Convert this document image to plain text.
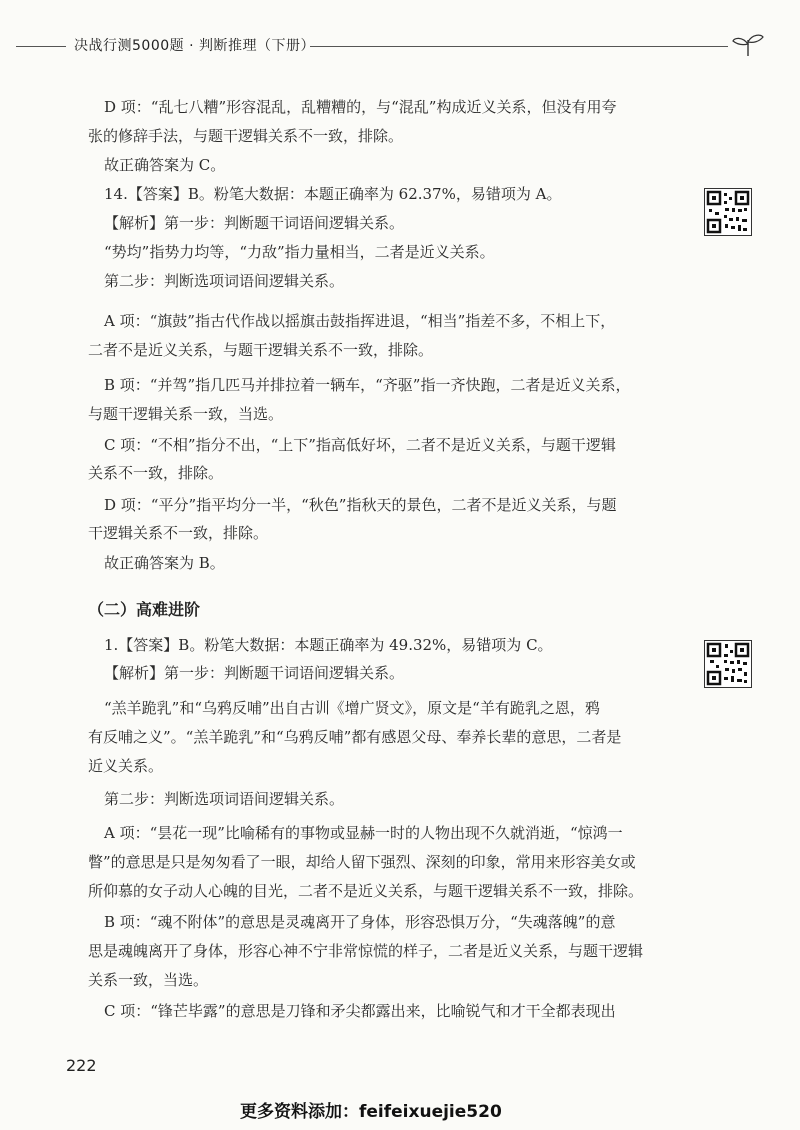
决战行测5000题 · 判断推理（下册）
D 项：“乱七八糟”形容混乱，乱糟糟的，与“混乱”构成近义关系，但没有用夸
张的修辞手法，与题干逻辑关系不一致，排除。
故正确答案为 C。
14.【答案】B。粉笔大数据：本题正确率为 62.37%，易错项为 A。
【解析】第一步：判断题干词语间逻辑关系。
“势均”指势力均等，“力敌”指力量相当，二者是近义关系。
第二步：判断选项词语间逻辑关系。
A 项：“旗鼓”指古代作战以摇旗击鼓指挥进退，“相当”指差不多，不相上下，
二者不是近义关系，与题干逻辑关系不一致，排除。
B 项：“并驾”指几匹马并排拉着一辆车，“齐驱”指一齐快跑，二者是近义关系，
与题干逻辑关系一致，当选。
C 项：“不相”指分不出，“上下”指高低好坏，二者不是近义关系，与题干逻辑
关系不一致，排除。
D 项：“平分”指平均分一半，“秋色”指秋天的景色，二者不是近义关系，与题
干逻辑关系不一致，排除。
故正确答案为 B。
（二）高难进阶
1.【答案】B。粉笔大数据：本题正确率为 49.32%，易错项为 C。
【解析】第一步：判断题干词语间逻辑关系。
“羔羊跪乳”和“乌鸦反哺”出自古训《增广贤文》，原文是“羊有跪乳之恩，鸦
有反哺之义”。“羔羊跪乳”和“乌鸦反哺”都有感恩父母、奉养长辈的意思，二者是
近义关系。
第二步：判断选项词语间逻辑关系。
A 项：“昙花一现”比喻稀有的事物或显赫一时的人物出现不久就消逝，“惊鸿一
瞥”的意思是只是匆匆看了一眼，却给人留下强烈、深刻的印象，常用来形容美女或
所仰慕的女子动人心魄的目光，二者不是近义关系，与题干逻辑关系不一致，排除。
B 项：“魂不附体”的意思是灵魂离开了身体，形容恐惧万分，“失魂落魄”的意
思是魂魄离开了身体，形容心神不宁非常惊慌的样子，二者是近义关系，与题干逻辑
关系一致，当选。
C 项：“锋芒毕露”的意思是刀锋和矛尖都露出来，比喻锐气和才干全都表现出
222
更多资料添加：feifeixuejie520
